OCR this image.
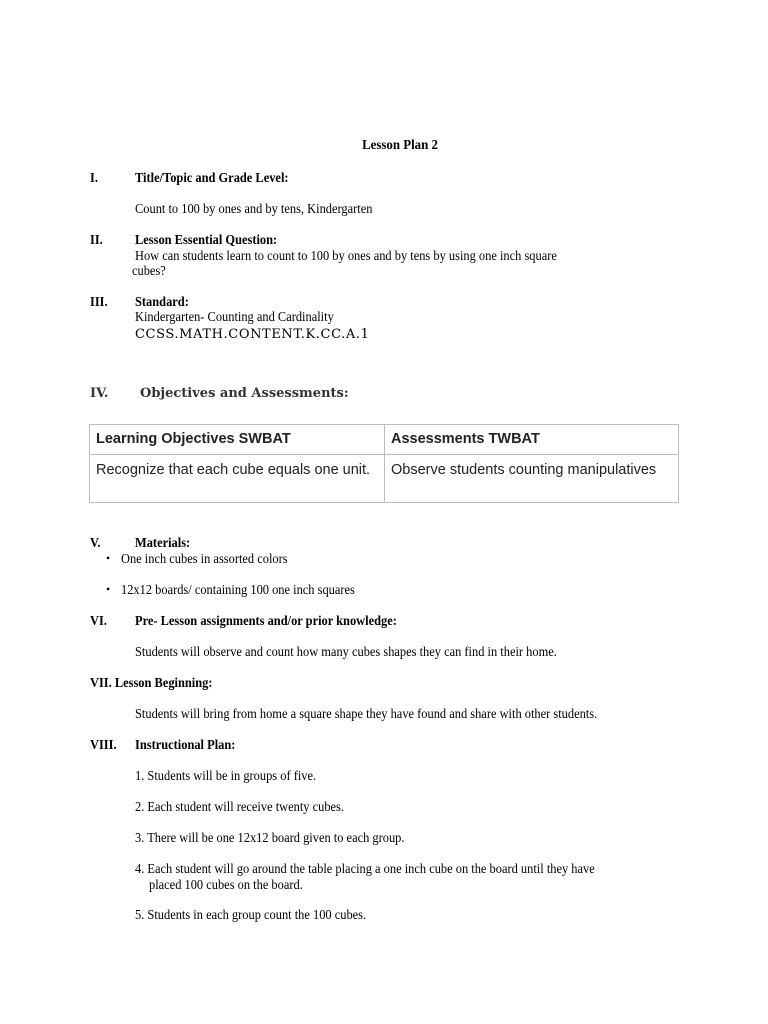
Lesson Plan 2
I.	Title/Topic and Grade Level:
Count to 100 by ones and by tens, Kindergarten
II. Lesson Essential Question:
How can students learn to count to 100 by ones and by tens by using one inch square
cubes?
III. Standard:
Kindergarten- Counting and Cardinality
CCSS.MATH.CONTENT.K.CC.A.1
IV. Objectives and Assessments:
Learning Objectives SWBAT	Assessments TWBAT
Recognize that each cube equals one unit.	Observe students counting manipulatives
V.	Materials:
• One inch cubes in assorted colors
• 12x12 boards/ containing 100 one inch squares
VI. Pre- Lesson assignments and/or prior knowledge:
Students will observe and count how many cubes shapes they can find in their home.
VII. Lesson Beginning:
Students will bring from home a square shape they have found and share with other students.
VIII. Instructional Plan:
1. Students will be in groups of five.
2. Each student will receive twenty cubes.
3. There will be one 12x12 board given to each group.
4. Each student will go around the table placing a one inch cube on the board until they have
placed 100 cubes on the board.
5. Students in each group count the 100 cubes.
